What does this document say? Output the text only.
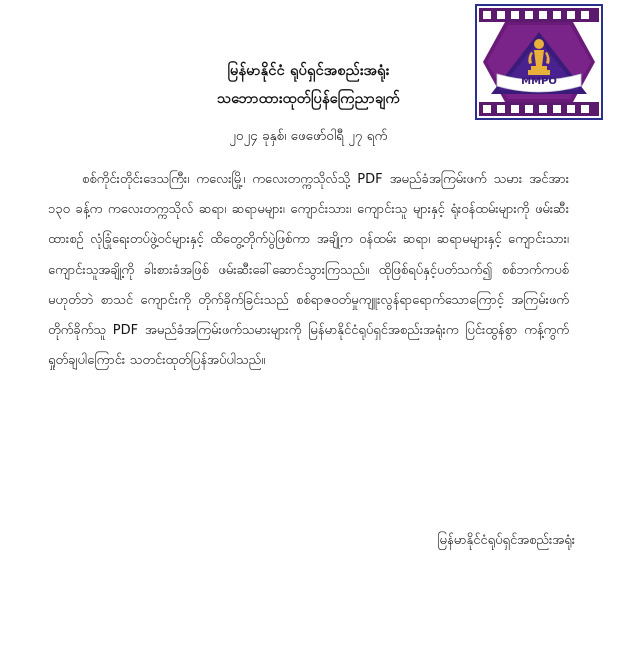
MMPO
မြန်မာနိုင်ငံ ရုပ်ရှင်အစည်းအရုံး
သဘောထားထုတ်ပြန်ကြေညာချက်
၂၀၂၄ ခုနှစ်၊ ဖေဖော်ဝါရီ ၂၇ ရက်
စစ်ကိုင်းတိုင်းဒေသကြီး၊ ကလေးမြို့၊ ကလေးတက္ကသိုလ်သို့ PDF အမည်ခံအကြမ်းဖက် သမား အင်အား ၁၃၀ ခန့်က ကလေးတက္ကသိုလ် ဆရာ၊ ဆရာမများ၊ ကျောင်းသား၊ ကျောင်းသူ များနှင့် ရုံးဝန်ထမ်းများကို ဖမ်းဆီးထားစဉ် လုံခြုံရေးတပ်ဖွဲ့ဝင်များနှင့် ထိတွေ့တိုက်ပွဲဖြစ်ကာ အချို့က ဝန်ထမ်း ဆရာ၊ ဆရာမများနှင့် ကျောင်းသား၊ ကျောင်းသူအချို့ကို ခါးစားခံအဖြစ် ဖမ်းဆီးခေါ်ဆောင်သွားကြသည်။ ထိုဖြစ်ရပ်နှင့်ပတ်သက်၍ စစ်ဘက်ကပစ်မဟုတ်ဘဲ စာသင် ကျောင်းကို တိုက်ခိုက်ခြင်းသည် စစ်ရာဇဝတ်မှုကျူးလွန်ရာရောက်သောကြောင့် အကြမ်းဖက် တိုက်ခိုက်သူ PDF အမည်ခံအကြမ်းဖက်သမားများကို မြန်မာနိုင်ငံရုပ်ရှင်အစည်းအရုံးက ပြင်းထွန်စွာ ကန့်ကွက်ရှုတ်ချပါကြောင်း သတင်းထုတ်ပြန်အပ်ပါသည်။
မြန်မာနိုင်ငံရုပ်ရှင်အစည်းအရုံး
